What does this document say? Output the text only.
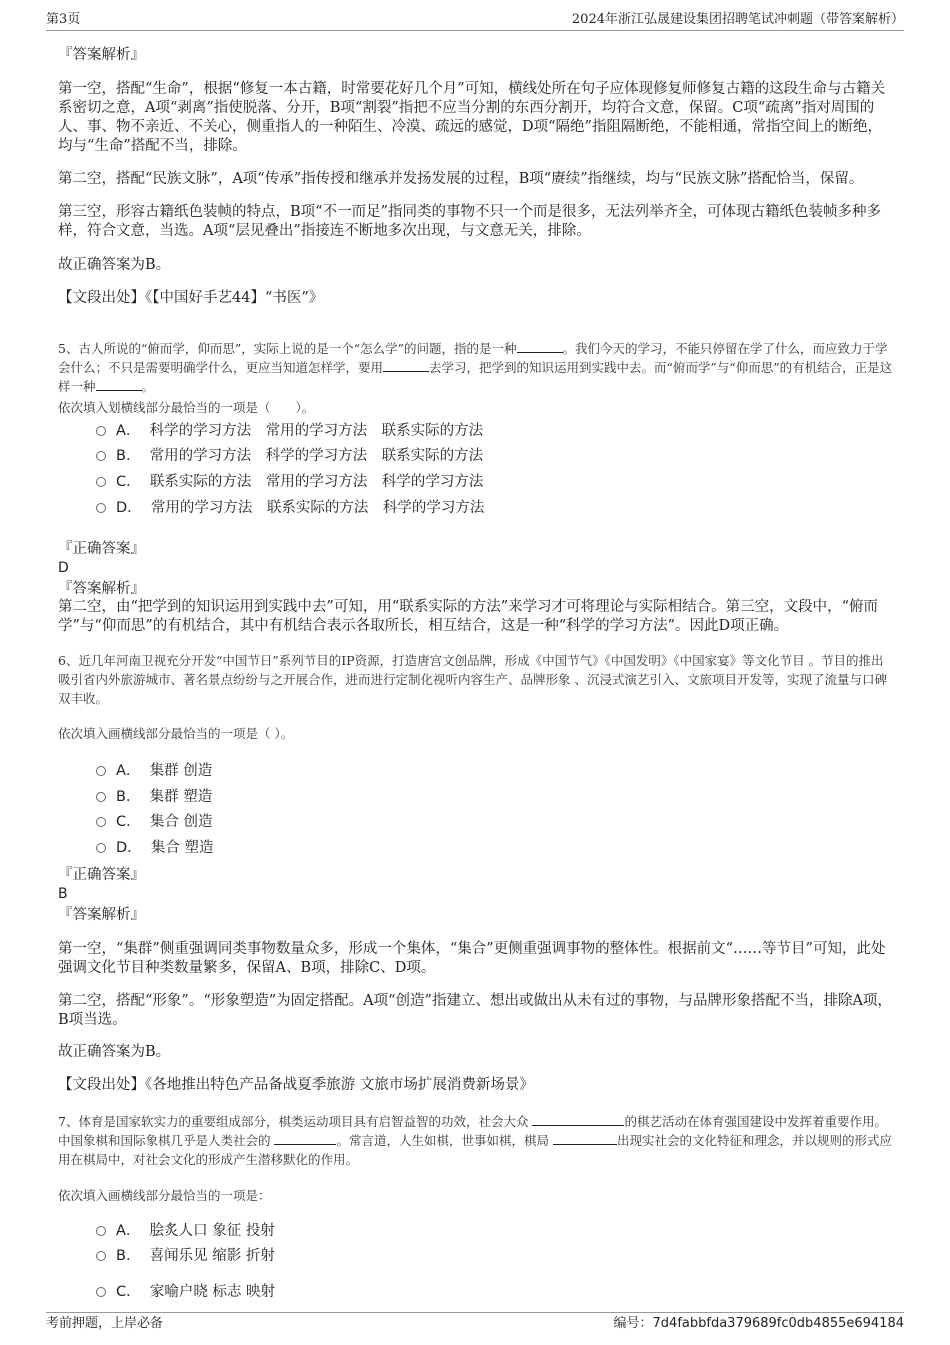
第3页	2024年浙江弘晟建设集团招聘笔试冲刺题（带答案解析）
『答案解析』
第一空，搭配“生命”，根据“修复一本古籍，时常要花好几个月”可知，横线处所在句子应体现修复师修复古籍的这段生命与古籍关系密切之意，A项“剥离”指使脱落、分开，B项“割裂”指把不应当分割的东西分割开，均符合文意，保留。C项“疏离”指对周围的人、事、物不亲近、不关心，侧重指人的一种陌生、冷漠、疏远的感觉，D项“隔绝”指阻隔断绝，不能相通，常指空间上的断绝，均与“生命”搭配不当，排除。
第二空，搭配“民族文脉”，A项“传承”指传授和继承并发扬发展的过程，B项“赓续”指继续，均与“民族文脉”搭配恰当，保留。
第三空，形容古籍纸色装帧的特点，B项“不一而足”指同类的事物不只一个而是很多，无法列举齐全，可体现古籍纸色装帧多种多样，符合文意，当选。A项“层见叠出”指接连不断地多次出现，与文意无关，排除。
故正确答案为B。
【文段出处】《【中国好手艺44】“书医”》
5、古人所说的“俯而学，仰而思”，实际上说的是一个“怎么学”的问题，指的是一种	。我们今天的学习，不能只停留在学了什么，而应致力于学会什么；不只是需要明确学什么，更应当知道怎样学，要用	去学习，把学到的知识运用到实践中去。而“俯而学”与“仰而思”的有机结合，正是这样一种	。
依次填入划横线部分最恰当的一项是（　　）。
A． 科学的学习方法　常用的学习方法　联系实际的方法
B． 常用的学习方法　科学的学习方法　联系实际的方法
C． 联系实际的方法　常用的学习方法　科学的学习方法
D． 常用的学习方法　联系实际的方法　科学的学习方法
『正确答案』
D
『答案解析』
第二空，由“把学到的知识运用到实践中去”可知，用“联系实际的方法”来学习才可将理论与实际相结合。第三空，文段中，“俯而学”与“仰而思”的有机结合，其中有机结合表示各取所长，相互结合，这是一种“科学的学习方法”。因此D项正确。
6、近几年河南卫视充分开发“中国节日”系列节目的IP资源，打造唐宫文创品牌，形成《中国节气》《中国发明》《中国家宴》等文化节目 。节目的推出吸引省内外旅游城市、著名景点纷纷与之开展合作，进而进行定制化视听内容生产、品牌形象 、沉浸式演艺引入、文旅项目开发等，实现了流量与口碑双丰收。
依次填入画横线部分最恰当的一项是（ ）。
A． 集群 创造
B． 集群 塑造
C． 集合 创造
D． 集合 塑造
『正确答案』
B
『答案解析』
第一空，“集群”侧重强调同类事物数量众多，形成一个集体，“集合”更侧重强调事物的整体性。根据前文“……等节目”可知，此处强调文化节目种类数量繁多，保留A、B项，排除C、D项。
第二空，搭配“形象”。“形象塑造”为固定搭配。A项“创造”指建立、想出或做出从未有过的事物，与品牌形象搭配不当，排除A项，B项当选。
故正确答案为B。
【文段出处】《各地推出特色产品备战夏季旅游 文旅市场扩展消费新场景》
7、体育是国家软实力的重要组成部分，棋类运动项目具有启智益智的功效，社会大众	的棋艺活动在体育强国建设中发挥着重要作用。中国象棋和国际象棋几乎是人类社会的	。常言道，人生如棋，世事如棋，棋局	出现实社会的文化特征和理念，并以规则的形式应用在棋局中，对社会文化的形成产生潜移默化的作用。
依次填入画横线部分最恰当的一项是：
A． 脍炙人口 象征 投射
B． 喜闻乐见 缩影 折射
C． 家喻户晓 标志 映射
考前押题，上岸必备	编号：7d4fabbfda379689fc0db4855e694184
